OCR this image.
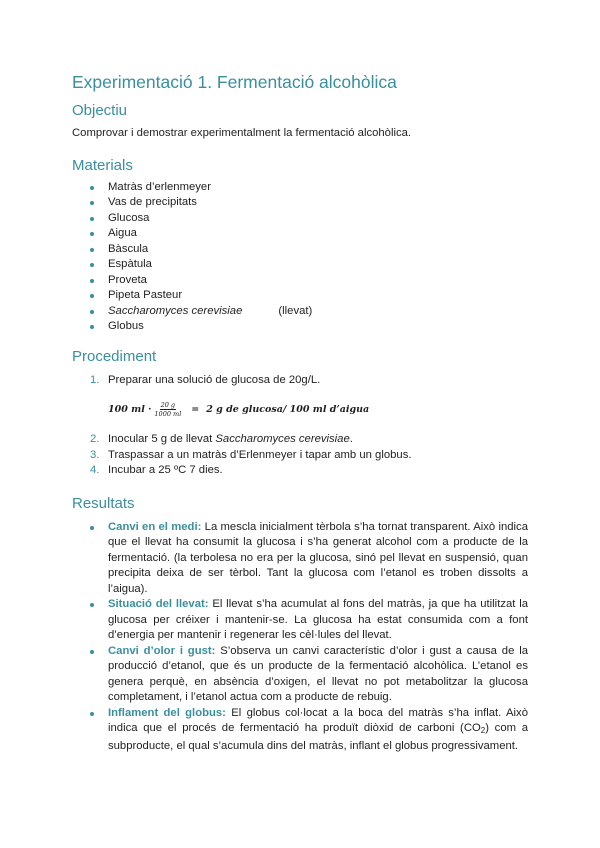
Experimentació 1. Fermentació alcohòlica
Objectiu

Comprovar i demostrar experimentalment la fermentació alcohòlica.

Materials
Matràs d’erlenmeyer
Vas de precipitats
Glucosa
Aigua
Bàscula
Espàtula
Proveta
Pipeta Pasteur
Saccharomyces cerevisiae	(llevat)
Globus
Procediment
1. Preparar una solució de glucosa de 20g/L.
100 ml · $\frac{20 g}{1000 ml} = 2$ g de glucosa/ 100 ml d’aigua
2. Inocular 5 g de llevat Saccharomyces cerevisiae.
3. Traspassar a un matràs d’Erlenmeyer i tapar amb un globus.
4. Incubar a 25 ºC 7 dies.
Resultats
Canvi en el medi: La mescla inicialment tèrbola s’ha tornat transparent. Això indica que el llevat ha consumit la glucosa i s’ha generat alcohol com a producte de la fermentació. (la terbolesa no era per la glucosa, sinó pel llevat en suspensió, quan precipita deixa de ser tèrbol. Tant la glucosa com l’etanol es troben dissolts a l’aigua).
Situació del llevat: El llevat s’ha acumulat al fons del matràs, ja que ha utilitzat la glucosa per créixer i mantenir-se. La glucosa ha estat consumida com a font d’energia per mantenir i regenerar les cèl·lules del llevat.
Canvi d’olor i gust: S’observa un canvi característic d’olor i gust a causa de la producció d’etanol, que és un producte de la fermentació alcohòlica. L’etanol es genera perquè, en absència d’oxigen, el llevat no pot metabolitzar la glucosa completament, i l’etanol actua com a producte de rebuig.
Inflament del globus: El globus col·locat a la boca del matràs s’ha inflat. Això indica que el procés de fermentació ha produït diòxid de carboni $(CO_2)$ com a subproducte, el qual s’acumula dins del matràs, inflant el globus progressivament.
